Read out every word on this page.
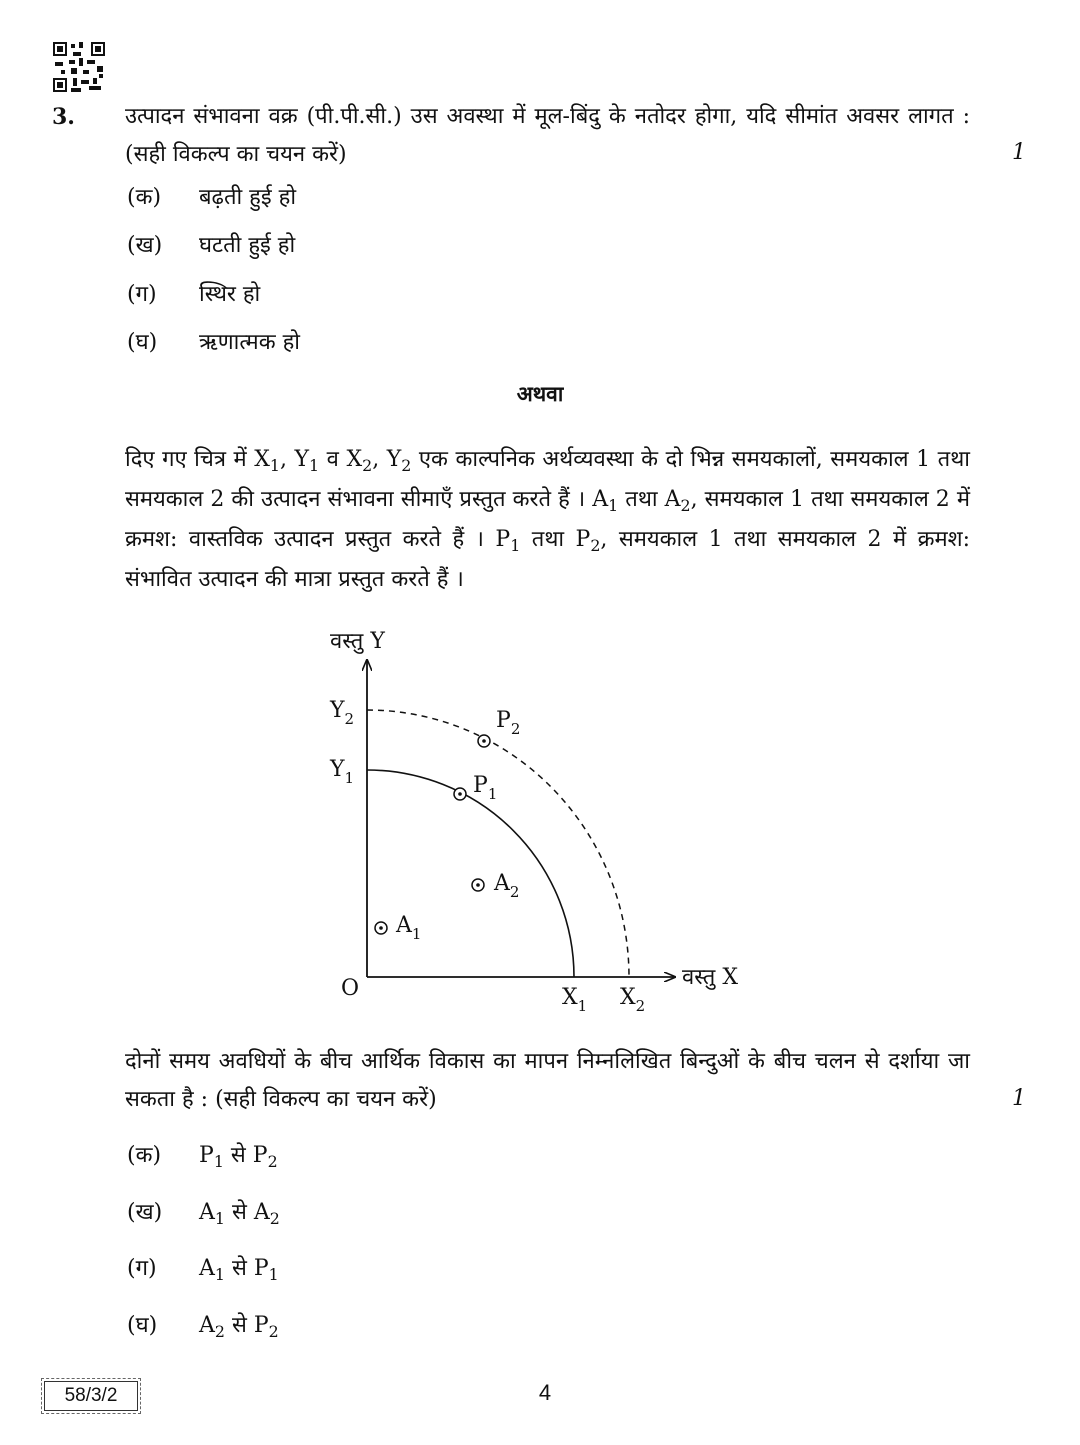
3. उत्पादन संभावना वक्र (पी.पी.सी.) उस अवस्था में मूल-बिंदु के नतोदर होगा, यदि सीमांत अवसर लागत : (सही विकल्प का चयन करें)	1
(क) बढ़ती हुई हो
(ख) घटती हुई हो
(ग) स्थिर हो
(घ) ऋणात्मक हो
अथवा
दिए गए चित्र में $X_1$, $Y_1$ व $X_2$, $Y_2$ एक काल्पनिक अर्थव्यवस्था के दो भिन्न समयकालों, समयकाल 1 तथा समयकाल 2 की उत्पादन संभावना सीमाएँ प्रस्तुत करते हैं । $A_1$ तथा $A_2$, समयकाल 1 तथा समयकाल 2 में क्रमश: वास्तविक उत्पादन प्रस्तुत करते हैं । $P_1$ तथा $P_2$, समयकाल 1 तथा समयकाल 2 में क्रमश: संभावित उत्पादन की मात्रा प्रस्तुत करते हैं ।
वस्तु Y
वस्तु X
O
$Y_2$
$Y_1$
$P_2$
$P_1$
$A_2$
$A_1$
$X_1$ $X_2$
दोनों समय अवधियों के बीच आर्थिक विकास का मापन निम्नलिखित बिन्दुओं के बीच चलन से दर्शाया जा सकता है : (सही विकल्प का चयन करें)	1
(क) $P_1$ से $P_2$
(ख) $A_1$ से $A_2$
(ग) $A_1$ से $P_1$
(घ) $A_2$ से $P_2$
58/3/2	4
